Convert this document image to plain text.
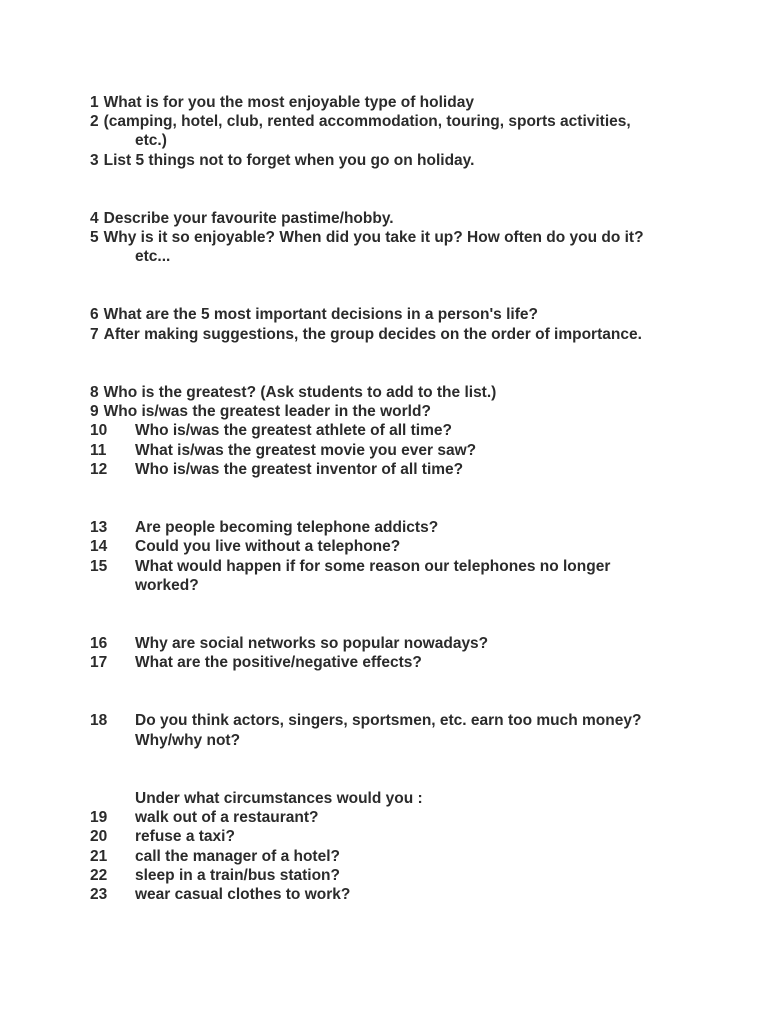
1 What is for you the most enjoyable type of holiday
2 (camping, hotel, club, rented accommodation, touring, sports activities,
etc.)
3 List 5 things not to forget when you go on holiday.
4 Describe your favourite pastime/hobby.
5 Why is it so enjoyable? When did you take it up? How often do you do it?
etc...
6 What are the 5 most important decisions in a person's life?
7 After making suggestions, the group decides on the order of importance.
8 Who is the greatest? (Ask students to add to the list.)
9 Who is/was the greatest leader in the world?
10 Who is/was the greatest athlete of all time?
11 What is/was the greatest movie you ever saw?
12 Who is/was the greatest inventor of all time?
13 Are people becoming telephone addicts?
14 Could you live without a telephone?
15 What would happen if for some reason our telephones no longer
worked?
16 Why are social networks so popular nowadays?
17 What are the positive/negative effects?
18 Do you think actors, singers, sportsmen, etc. earn too much money?
Why/why not?
Under what circumstances would you :
19 walk out of a restaurant?
20 refuse a taxi?
21 call the manager of a hotel?
22 sleep in a train/bus station?
23 wear casual clothes to work?
